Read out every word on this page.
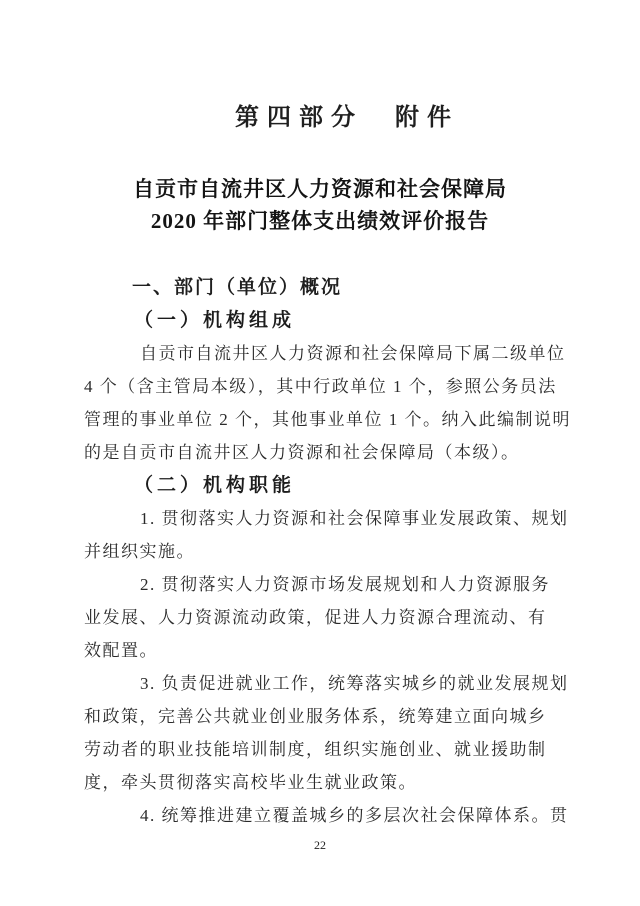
第四部分　附件
自贡市自流井区人力资源和社会保障局
2020 年部门整体支出绩效评价报告
一、部门（单位）概况
（一）机构组成
自贡市自流井区人力资源和社会保障局下属二级单位
4 个（含主管局本级），其中行政单位 1 个，参照公务员法
管理的事业单位 2 个，其他事业单位 1 个。纳入此编制说明
的是自贡市自流井区人力资源和社会保障局（本级）。
（二）机构职能
1. 贯彻落实人力资源和社会保障事业发展政策、规划
并组织实施。
2. 贯彻落实人力资源市场发展规划和人力资源服务
业发展、人力资源流动政策，促进人力资源合理流动、有
效配置。
3. 负责促进就业工作，统筹落实城乡的就业发展规划
和政策，完善公共就业创业服务体系，统筹建立面向城乡
劳动者的职业技能培训制度，组织实施创业、就业援助制
度，牵头贯彻落实高校毕业生就业政策。
4. 统筹推进建立覆盖城乡的多层次社会保障体系。贯
22
